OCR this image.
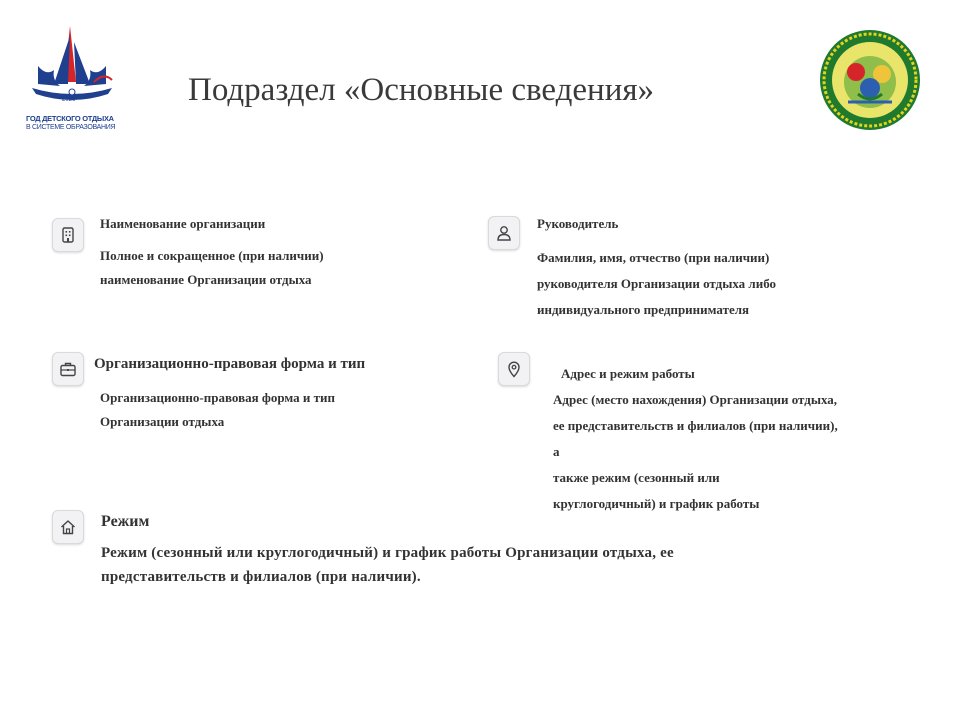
2026
ГОД ДЕТСКОГО ОТДЫХА
В СИСТЕМЕ ОБРАЗОВАНИЯ
Подраздел «Основные сведения»
Наименование организации
Полное и сокращенное (при наличии)
наименование Организации отдыха
Руководитель
Фамилия, имя, отчество (при наличии)
руководителя Организации отдыха либо
индивидуального предпринимателя
Организационно-правовая форма и тип
Организационно-правовая форма и тип
Организации отдыха
Адрес и режим работы
Адрес (место нахождения) Организации отдыха,
ее представительств и филиалов (при наличии),
а
также режим (сезонный или
круглогодичный) и график работы
Режим
Режим (сезонный или круглогодичный) и график работы Организации отдыха, ее
представительств и филиалов (при наличии).
